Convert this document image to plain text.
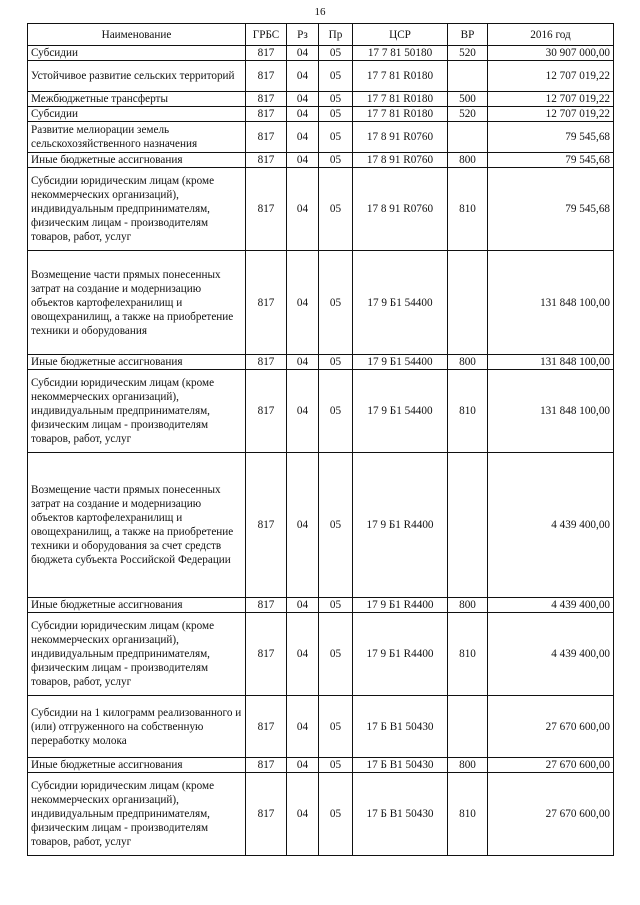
16
Наименование	ГРБС	Рз	Пр	ЦСР	ВР	2016 год
Субсидии	817	04	05	17 7 81 50180	520	30 907 000,00
Устойчивое развитие сельских территорий	817	04	05	17 7 81 R0180		12 707 019,22
Межбюджетные трансферты	817	04	05	17 7 81 R0180	500	12 707 019,22
Субсидии	817	04	05	17 7 81 R0180	520	12 707 019,22
Развитие мелиорации земель сельскохозяйственного назначения	817	04	05	17 8 91 R0760		79 545,68
Иные бюджетные ассигнования	817	04	05	17 8 91 R0760	800	79 545,68
Субсидии юридическим лицам (кроме некоммерческих организаций), индивидуальным предпринимателям, физическим лицам - производителям товаров, работ, услуг	817	04	05	17 8 91 R0760	810	79 545,68
Возмещение части прямых понесенных затрат на создание и модернизацию объектов картофелехранилищ и овощехранилищ, а также на приобретение техники и оборудования	817	04	05	17 9 Б1 54400		131 848 100,00
Иные бюджетные ассигнования	817	04	05	17 9 Б1 54400	800	131 848 100,00
Субсидии юридическим лицам (кроме некоммерческих организаций), индивидуальным предпринимателям, физическим лицам - производителям товаров, работ, услуг	817	04	05	17 9 Б1 54400	810	131 848 100,00
Возмещение части прямых понесенных затрат на создание и модернизацию объектов картофелехранилищ и овощехранилищ, а также на приобретение техники и оборудования за счет средств бюджета субъекта Российской Федерации	817	04	05	17 9 Б1 R4400		4 439 400,00
Иные бюджетные ассигнования	817	04	05	17 9 Б1 R4400	800	4 439 400,00
Субсидии юридическим лицам (кроме некоммерческих организаций), индивидуальным предпринимателям, физическим лицам - производителям товаров, работ, услуг	817	04	05	17 9 Б1 R4400	810	4 439 400,00
Субсидии на 1 килограмм реализованного и (или) отгруженного на собственную переработку молока	817	04	05	17 Б В1 50430		27 670 600,00
Иные бюджетные ассигнования	817	04	05	17 Б В1 50430	800	27 670 600,00
Субсидии юридическим лицам (кроме некоммерческих организаций), индивидуальным предпринимателям, физическим лицам - производителям товаров, работ, услуг	817	04	05	17 Б В1 50430	810	27 670 600,00
